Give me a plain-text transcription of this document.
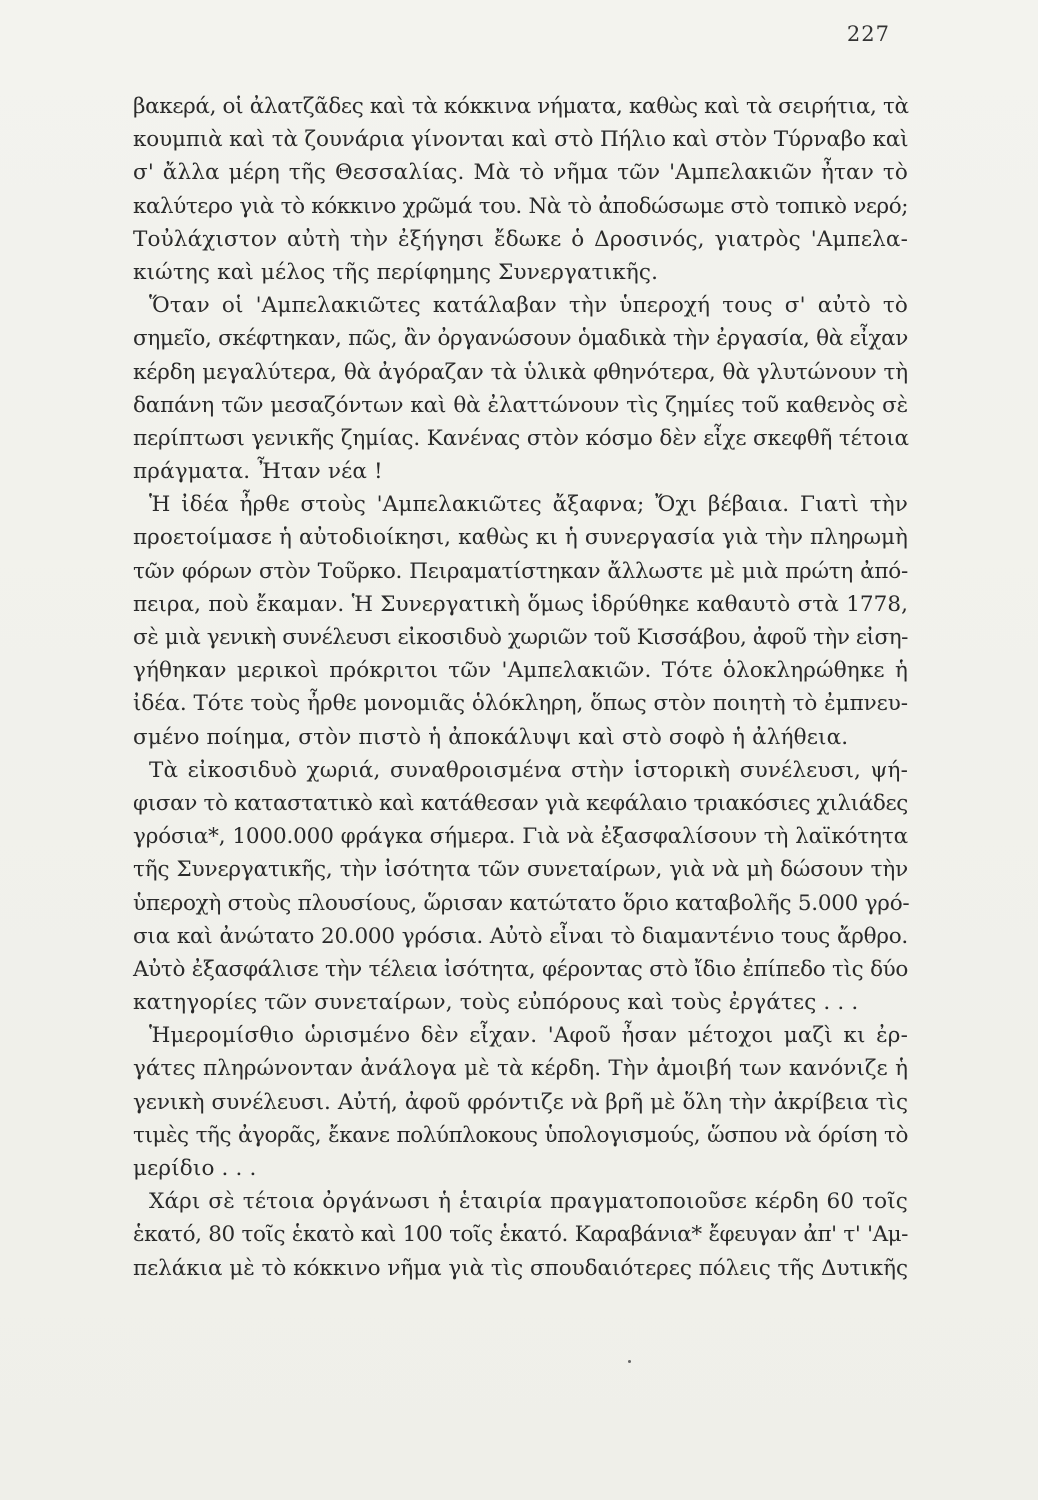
227
βακερά, οἱ ἀλατζᾶδες καὶ τὰ κόκκινα νήματα, καθὼς καὶ τὰ σειρήτια, τὰ
κουμπιὰ καὶ τὰ ζουνάρια γίνονται καὶ στὸ Πήλιο καὶ στὸν Τύρναβο καὶ
σ' ἄλλα μέρη τῆς Θεσσαλίας. Μὰ τὸ νῆμα τῶν 'Αμπελακιῶν ἦταν τὸ
καλύτερο γιὰ τὸ κόκκινο χρῶμά του. Νὰ τὸ ἀποδώσωμε στὸ τοπικὸ νερό;
Τοὐλάχιστον αὐτὴ τὴν ἐξήγησι ἔδωκε ὁ Δροσινός, γιατρὸς 'Αμπελα-
κιώτης καὶ μέλος τῆς περίφημης Συνεργατικῆς.
Ὅταν οἱ 'Αμπελακιῶτες κατάλαβαν τὴν ὑπεροχή τους σ' αὐτὸ τὸ
σημεῖο, σκέφτηκαν, πῶς, ἂν ὀργανώσουν ὁμαδικὰ τὴν ἐργασία, θὰ εἶχαν
κέρδη μεγαλύτερα, θὰ ἀγόραζαν τὰ ὑλικὰ φθηνότερα, θὰ γλυτώνουν τὴ
δαπάνη τῶν μεσαζόντων καὶ θὰ ἐλαττώνουν τὶς ζημίες τοῦ καθενὸς σὲ
περίπτωσι γενικῆς ζημίας. Κανένας στὸν κόσμο δὲν εἶχε σκεφθῆ τέτοια
πράγματα. Ἦταν νέα !
Ἡ ἰδέα ἦρθε στοὺς 'Αμπελακιῶτες ἄξαφνα; Ὄχι βέβαια. Γιατὶ τὴν
προετοίμασε ἡ αὐτοδιοίκησι, καθὼς κι ἡ συνεργασία γιὰ τὴν πληρωμὴ
τῶν φόρων στὸν Τοῦρκο. Πειραματίστηκαν ἄλλωστε μὲ μιὰ πρώτη ἀπό-
πειρα, ποὺ ἔκαμαν. Ἡ Συνεργατικὴ ὅμως ἱδρύθηκε καθαυτὸ στὰ 1778,
σὲ μιὰ γενικὴ συνέλευσι εἰκοσιδυὸ χωριῶν τοῦ Κισσάβου, ἀφοῦ τὴν εἰση-
γήθηκαν μερικοὶ πρόκριτοι τῶν 'Αμπελακιῶν. Τότε ὁλοκληρώθηκε ἡ
ἰδέα. Τότε τοὺς ἦρθε μονομιᾶς ὁλόκληρη, ὅπως στὸν ποιητὴ τὸ ἐμπνευ-
σμένο ποίημα, στὸν πιστὸ ἡ ἀποκάλυψι καὶ στὸ σοφὸ ἡ ἀλήθεια.
Τὰ εἰκοσιδυὸ χωριά, συναθροισμένα στὴν ἱστορικὴ συνέλευσι, ψή-
φισαν τὸ καταστατικὸ καὶ κατάθεσαν γιὰ κεφάλαιο τριακόσιες χιλιάδες
γρόσια*, 1000.000 φράγκα σήμερα. Γιὰ νὰ ἐξασφαλίσουν τὴ λαϊκότητα
τῆς Συνεργατικῆς, τὴν ἰσότητα τῶν συνεταίρων, γιὰ νὰ μὴ δώσουν τὴν
ὑπεροχὴ στοὺς πλουσίους, ὥρισαν κατώτατο ὅριο καταβολῆς 5.000 γρό-
σια καὶ ἀνώτατο 20.000 γρόσια. Αὐτὸ εἶναι τὸ διαμαντένιο τους ἄρθρο.
Αὐτὸ ἐξασφάλισε τὴν τέλεια ἰσότητα, φέροντας στὸ ἴδιο ἐπίπεδο τὶς δύο
κατηγορίες τῶν συνεταίρων, τοὺς εὐπόρους καὶ τοὺς ἐργάτες . . .
Ἡμερομίσθιο ὡρισμένο δὲν εἶχαν. 'Αφοῦ ἦσαν μέτοχοι μαζὶ κι ἐρ-
γάτες πληρώνονταν ἀνάλογα μὲ τὰ κέρδη. Τὴν ἀμοιβή των κανόνιζε ἡ
γενικὴ συνέλευσι. Αὐτή, ἀφοῦ φρόντιζε νὰ βρῆ μὲ ὅλη τὴν ἀκρίβεια τὶς
τιμὲς τῆς ἀγορᾶς, ἔκανε πολύπλοκους ὑπολογισμούς, ὥσπου νὰ όρίση τὸ
μερίδιο . . .
Χάρι σὲ τέτοια ὀργάνωσι ἡ ἑταιρία πραγματοποιοῦσε κέρδη 60 τοῖς
ἑκατό, 80 τοῖς ἑκατὸ καὶ 100 τοῖς ἑκατό. Καραβάνια* ἔφευγαν ἀπ' τ' 'Αμ-
πελάκια μὲ τὸ κόκκινο νῆμα γιὰ τὶς σπουδαιότερες πόλεις τῆς Δυτικῆς
